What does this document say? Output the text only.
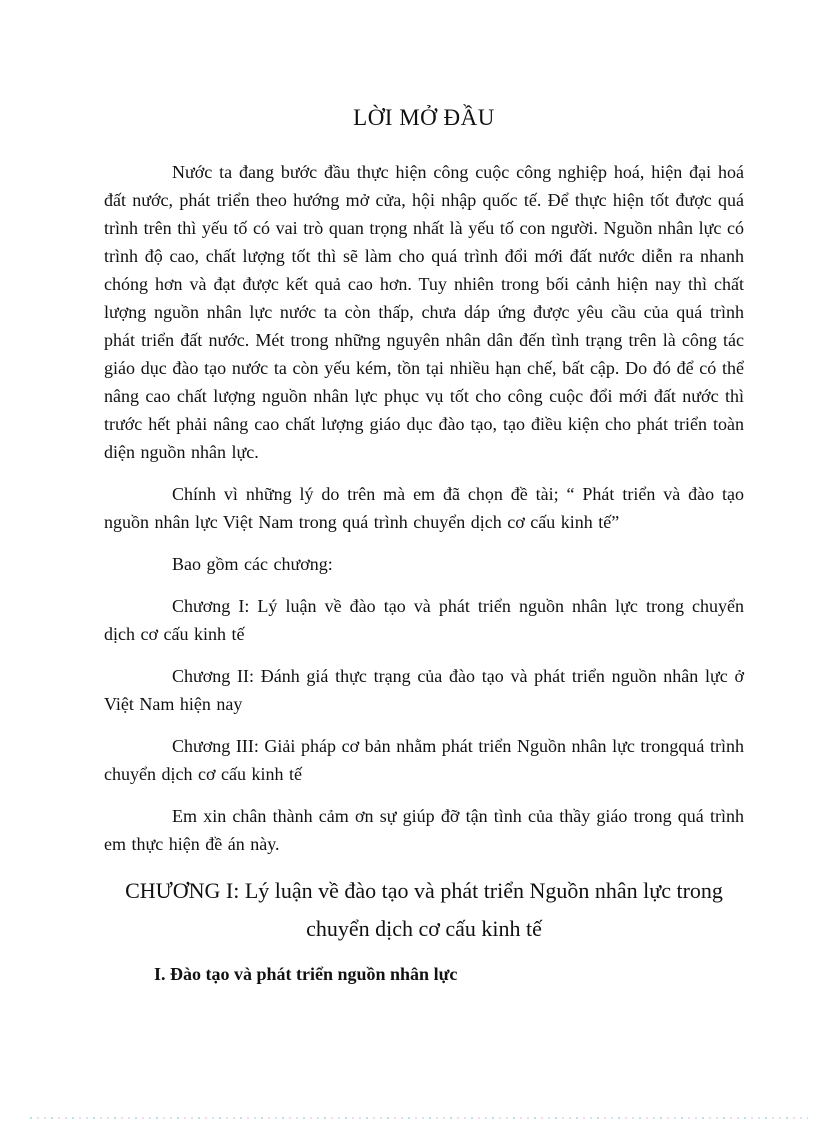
LỜI MỞ ĐẦU

Nước ta đang bước đầu thực hiện công cuộc công nghiệp hoá, hiện đại hoá đất nước, phát triển theo hướng mở cửa, hội nhập quốc tế. Để thực hiện tốt được quá trình trên thì yếu tố có vai trò quan trọng nhất là yếu tố con người. Nguồn nhân lực có trình độ cao, chất lượng tốt thì sẽ làm cho quá trình đổi mới đất nước diễn ra nhanh chóng hơn và đạt được kết quả cao hơn. Tuy nhiên trong bối cảnh hiện nay thì chất lượng nguồn nhân lực nước ta còn thấp, chưa dáp ứng được yêu cầu của quá trình phát triển đất nước. Mét trong những nguyên nhân dân đến tình trạng trên là công tác giáo dục đào tạo nước ta còn yếu kém, tồn tại nhiều hạn chế, bất cập. Do đó để có thể nâng cao chất lượng nguồn nhân lực phục vụ tốt cho công cuộc đổi mới đất nước thì trước hết phải nâng cao chất lượng giáo dục đào tạo, tạo điều kiện cho phát triển toàn diện nguồn nhân lực.

Chính vì những lý do trên mà em đã chọn đề tài; “ Phát triển và đào tạo nguồn nhân lực Việt Nam trong quá trình chuyển dịch cơ cấu kinh tế”

Bao gồm các chương:

Chương I: Lý luận về đào tạo và phát triển nguồn nhân lực trong chuyển dịch cơ cấu kinh tế

Chương II: Đánh giá thực trạng của đào tạo và phát triển nguồn nhân lực ở Việt Nam hiện nay

Chương III: Giải pháp cơ bản nhằm phát triển Nguồn nhân lực trongquá trình chuyển dịch cơ cấu kinh tế

Em xin chân thành cảm ơn sự giúp đỡ tận tình của thầy giáo trong quá trình em thực hiện đề án này.

CHƯƠNG I: Lý luận về đào tạo và phát triển Nguồn nhân lực trong chuyển dịch cơ cấu kinh tế
I. Đào tạo và phát triển nguồn nhân lực
